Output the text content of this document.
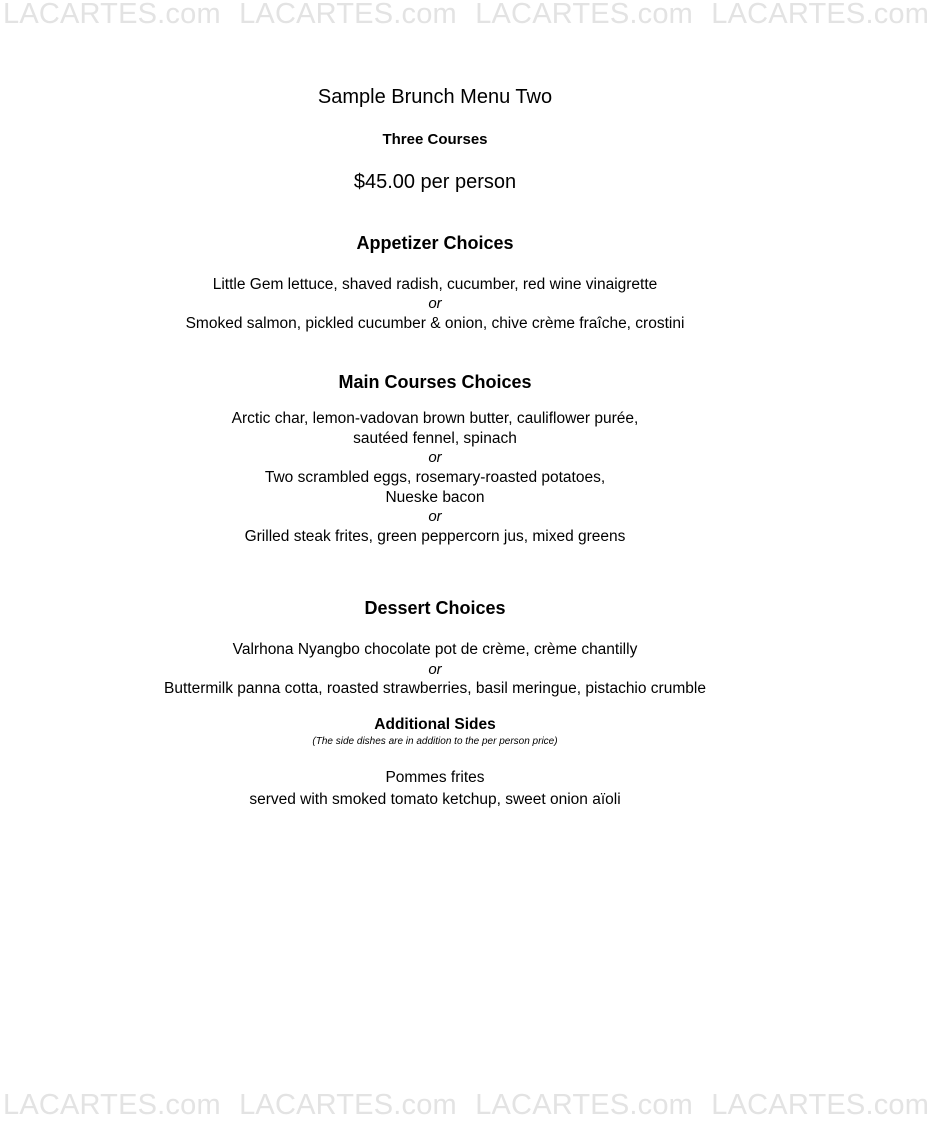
LACARTES.com LACARTES.com LACARTES.com LACARTES.com
Sample Brunch Menu Two
Three Courses
$45.00 per person
Appetizer Choices
Little Gem lettuce, shaved radish, cucumber, red wine vinaigrette
or
Smoked salmon, pickled cucumber & onion, chive crème fraîche, crostini
Main Courses Choices
Arctic char, lemon-vadovan brown butter, cauliflower purée,
sautéed fennel, spinach
or
Two scrambled eggs, rosemary-roasted potatoes,
Nueske bacon
or
Grilled steak frites, green peppercorn jus, mixed greens
Dessert Choices
Valrhona Nyangbo chocolate pot de crème, crème chantilly
or
Buttermilk panna cotta, roasted strawberries, basil meringue, pistachio crumble
Additional Sides
(The side dishes are in addition to the per person price)
Pommes frites
served with smoked tomato ketchup, sweet onion aïoli
LACARTES.com LACARTES.com LACARTES.com LACARTES.com
